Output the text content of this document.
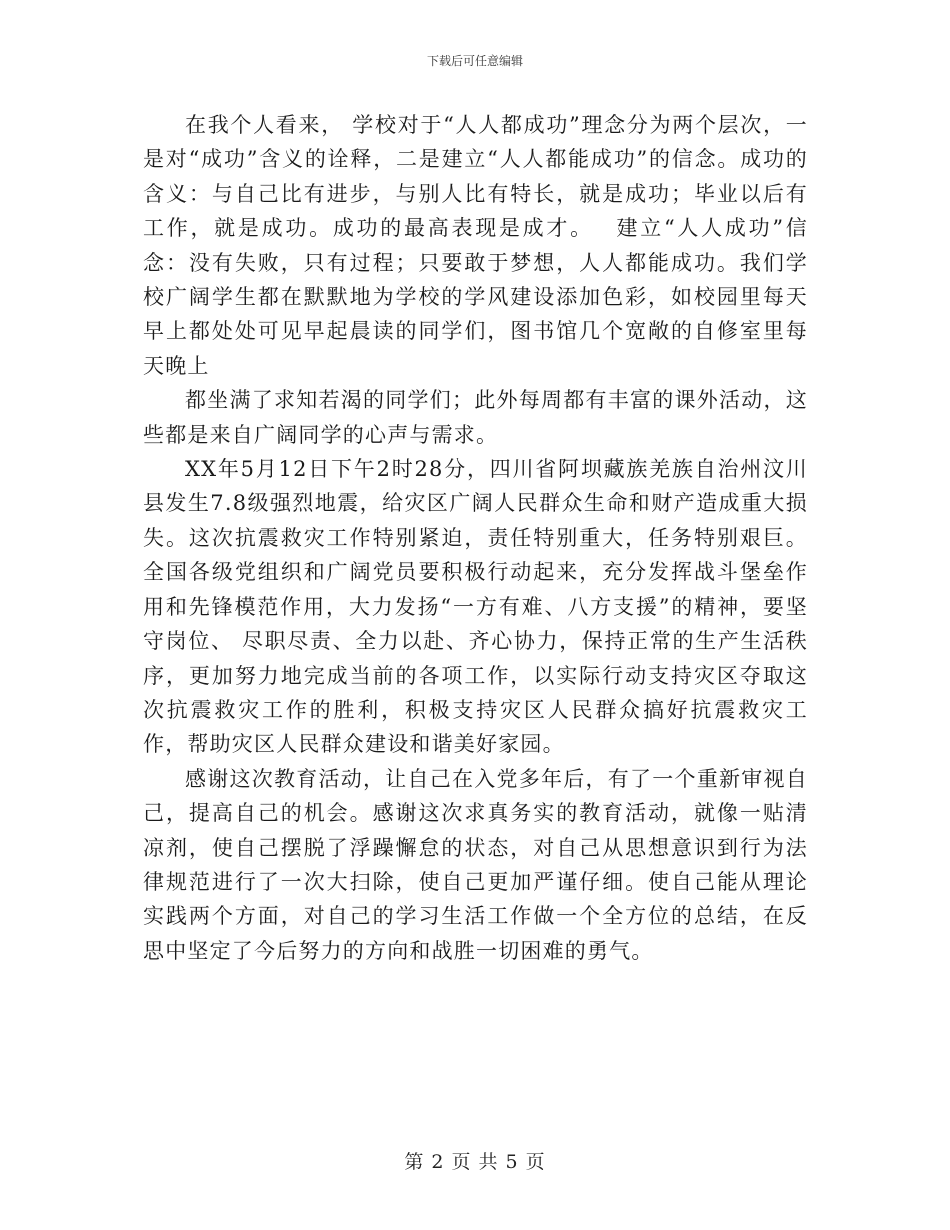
下载后可任意编辑

在我个人看来， 学校对于“人人都成功”理念分为两个层次，一是对“成功”含义的诠释，二是建立“人人都能成功”的信念。成功的含义：与自己比有进步，与别人比有特长，就是成功；毕业以后有工作，就是成功。成功的最高表现是成才。　 建立“人人成功”信念：没有失败，只有过程；只要敢于梦想，人人都能成功。我们学校广阔学生都在默默地为学校的学风建设添加色彩，如校园里每天早上都处处可见早起晨读的同学们，图书馆几个宽敞的自修室里每天晚上

都坐满了求知若渴的同学们；此外每周都有丰富的课外活动，这些都是来自广阔同学的心声与需求。

XX年5月12日下午2时28分，四川省阿坝藏族羌族自治州汶川县发生7.8级强烈地震，给灾区广阔人民群众生命和财产造成重大损失。这次抗震救灾工作特别紧迫，责任特别重大，任务特别艰巨。全国各级党组织和广阔党员要积极行动起来，充分发挥战斗堡垒作用和先锋模范作用，大力发扬“一方有难、八方支援”的精神，要坚守岗位、 尽职尽责、全力以赴、齐心协力，保持正常的生产生活秩序，更加努力地完成当前的各项工作，以实际行动支持灾区夺取这次抗震救灾工作的胜利，积极支持灾区人民群众搞好抗震救灾工作，帮助灾区人民群众建设和谐美好家园。

感谢这次教育活动，让自己在入党多年后，有了一个重新审视自己，提高自己的机会。感谢这次求真务实的教育活动，就像一贴清凉剂，使自己摆脱了浮躁懈怠的状态，对自己从思想意识到行为法律规范进行了一次大扫除，使自己更加严谨仔细。使自己能从理论实践两个方面，对自己的学习生活工作做一个全方位的总结，在反思中坚定了今后努力的方向和战胜一切困难的勇气。

第 2 页 共 5 页
